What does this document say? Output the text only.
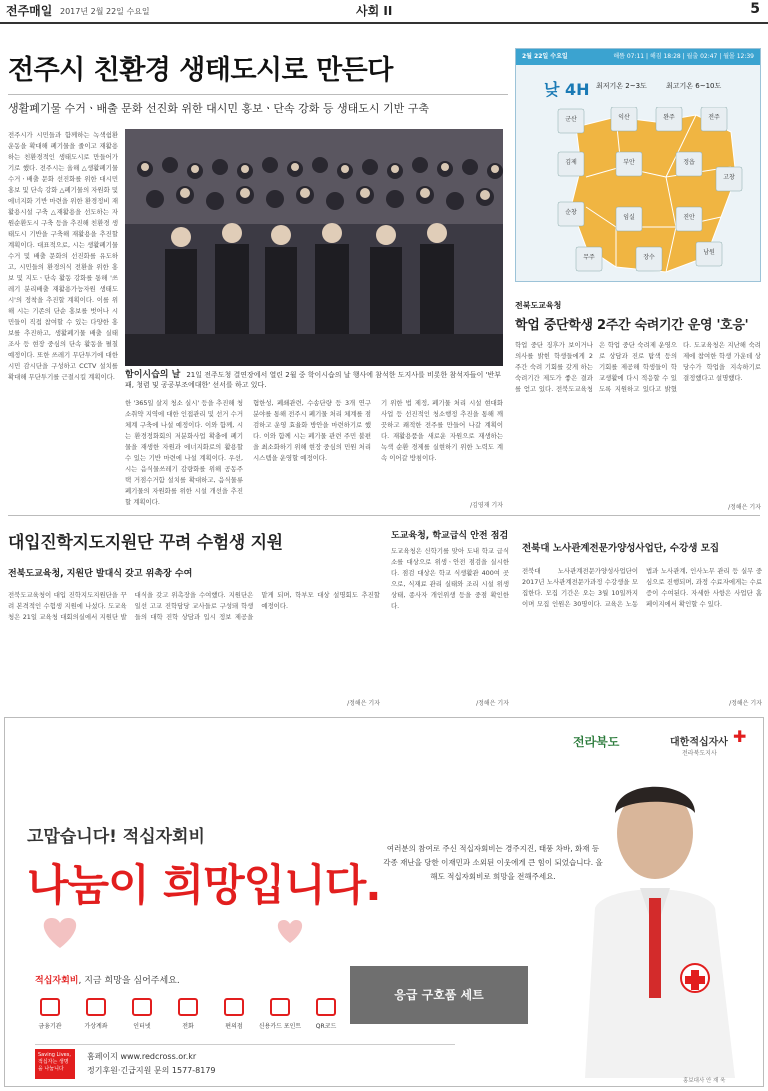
전주매일 2017년 2월 22일 수요일	사회 II	5
전주시 친환경 생태도시로 만든다
생활폐기물 수거ㆍ배출 문화 선진화 위한 대시민 홍보ㆍ단속 강화 등 생태도시 기반 구축
전주시가 시민들과 함께하는 녹색쉼환운동을 확대해 폐기물을 줄이고 재활용하는 친환경적인 생태도시로 만들어가기로 했다. 전주시는 올해 △생활폐기물 수거ㆍ배출 문화 선진화를 위한 대시민 홍보 및 단속 강화 △폐기물의 자원화 및 에너지화 기반 마련을 위한 환경정비 재활용시설 구축 △재활용을 선도하는 자원순환도시 구축 등을 추진해 친환경 생태도시 기반을 구축해 재활용을 추진할 계획이다. 대표적으로, 시는 생활폐기물 수거 및 배출 문화의 선진화를 유도하고, 시민들의 환경의식 전환을 위한 홍보 및 지도ㆍ단속 활동 강화를 통해 '쓰레기 분리배출 재활용가능자원 생태도시'의 정착을 추진할 계획이다. 이를 위해 시는 기존의 단순 홍보를 벗어나 시민들이 직접 참여할 수 있는 다양한 홍보를 추진하고, 생활폐기물 배출 실태 조사 등 현장 중심의 단속 활동을 펼칠 예정이다. 또한 쓰레기 무단투기에 대한 시민 감시단을 구성하고 CCTV 설치를 확대해 무단투기를 근절시킬 계획이다.	함이시습의 날 21일 전주도청 결연장에서 열린 2월 중 학이시습의 날 행사에 참석한 도지사를 비롯한 참석자들이 '반부패, 청렴 및 공공부조에대한' 선서를 하고 있다.
한 '365일 살지 청소 실시' 등을 추진해 청소취약 지역에 대한 인접관리 및 선거 수거체계 구축에 나설 예정이다. 이와 함께, 시는 환경정화회의 저분화사업 확충에 폐기물을 재생한 자원과 에너지화로의 활용할 수 있는 기반 마련에 나설 계획이다. 우선, 시는 음식물쓰레기 감량화를 위해 공동주택 거점수거함 설치를 확대하고, 음식물류폐기물의 자원화를 위한 시설 개선을 추진할 계획이다.
혐한성, 폐쇄관련, 수송단량 등 3개 연구 분야를 통해 전주시 폐기물 처리 체계를 점검하고 운영 효율화 방안을 마련하기로 했다. 이와 함께 시는 폐기물 관련 주민 불편을 최소화하기 위해 현장 중심의 민원 처리 시스템을 운영할 예정이다.
기 위한 법 제정, 폐기물 처리 시설 현대화 사업 등 선진적인 청소행정 추진을 통해 깨끗하고 쾌적한 전주를 만들어 나갈 계획이다. 재활용품을 새로운 자원으로 재생하는 녹색 순환 경제를 실현하기 위한 노력도 계속 이어갈 방침이다.
/김영재 기자
2월 22일 수요일	해뜸 07:11 | 해짐 18:28 | 월출 02:47 | 월몰 12:39
낮 4H 최저기온 2~3도	최고기온 6~10도
군산	익산	완주	전주
김제	부안	정읍
고창
순창
임실	진안
무주	장수
남원
전북도교육청
학업 중단학생 2주간 숙려기간 운영 '호응'
학업 중단 징후가 보이거나 의사를 밝힌 학생들에게 2주간 숙려 기회를 갖게 하는 숙려기간 제도가 좋은 결과를 얻고 있다. 전북도교육청은 학업 중단 숙려제 운영으로 상담과 진로 탐색 등의 기회를 제공해 학생들이 학교생활에 다시 적응할 수 있도록 지원하고 있다고 밝혔다. 도교육청은 지난해 숙려제에 참여한 학생 가운데 상당수가 학업을 지속하기로 결정했다고 설명했다.
/정해은 기자
대입진학지도지원단 꾸려 수험생 지원
전북도교육청, 지원단 발대식 갖고 위촉장 수여
전북도교육청이 대입 진학지도지원단을 꾸려 본격적인 수험생 지원에 나섰다. 도교육청은 21일 교육청 대회의실에서 지원단 발대식을 갖고 위촉장을 수여했다. 지원단은 일선 고교 진학담당 교사들로 구성돼 학생들의 대학 진학 상담과 입시 정보 제공을 맡게 되며, 학부모 대상 설명회도 추진할 예정이다.
/정해은 기자
도교육청, 학교급식 안전 점검
도교육청은 신학기를 맞아 도내 학교 급식소를 대상으로 위생ㆍ안전 점검을 실시한다. 점검 대상은 학교 식생활관 400여 곳으로, 식재료 관리 실태와 조리 시설 위생 상태, 종사자 개인위생 등을 중점 확인한다.
/정해은 기자
전북대 노사관계전문가양성사업단, 수강생 모집
전북대 노사관계전문가양성사업단이 2017년 노사관계전문가과정 수강생을 모집한다. 모집 기간은 오는 3월 10일까지이며 모집 인원은 30명이다. 교육은 노동법과 노사관계, 인사노무 관리 등 실무 중심으로 진행되며, 과정 수료자에게는 수료증이 수여된다. 자세한 사항은 사업단 홈페이지에서 확인할 수 있다.
/정해은 기자
전라북도	대한적십자사 ✚
전라북도지사
고맙습니다! 적십자회비
나눔이 희망입니다.
여러분의 참여로 주신 적십자회비는 경주지진, 태풍 차바, 화재 등 각종 재난을 당한 이재민과 소외된 이웃에게 큰 힘이 되었습니다. 올해도 적십자회비로 희망을 전해주세요.
응급 구호품 세트
적십자회비, 지금 희망을 심어주세요.
금융기관	가상계좌	인터넷	전화	편의점	신용카드 포인트	QR코드
Saving Lives, 적십자는 생명을 나눕니다
홈페이지 www.redcross.or.kr
정기후원·긴급지원 문의 1577-8179
홍보대사 안 재 욱
